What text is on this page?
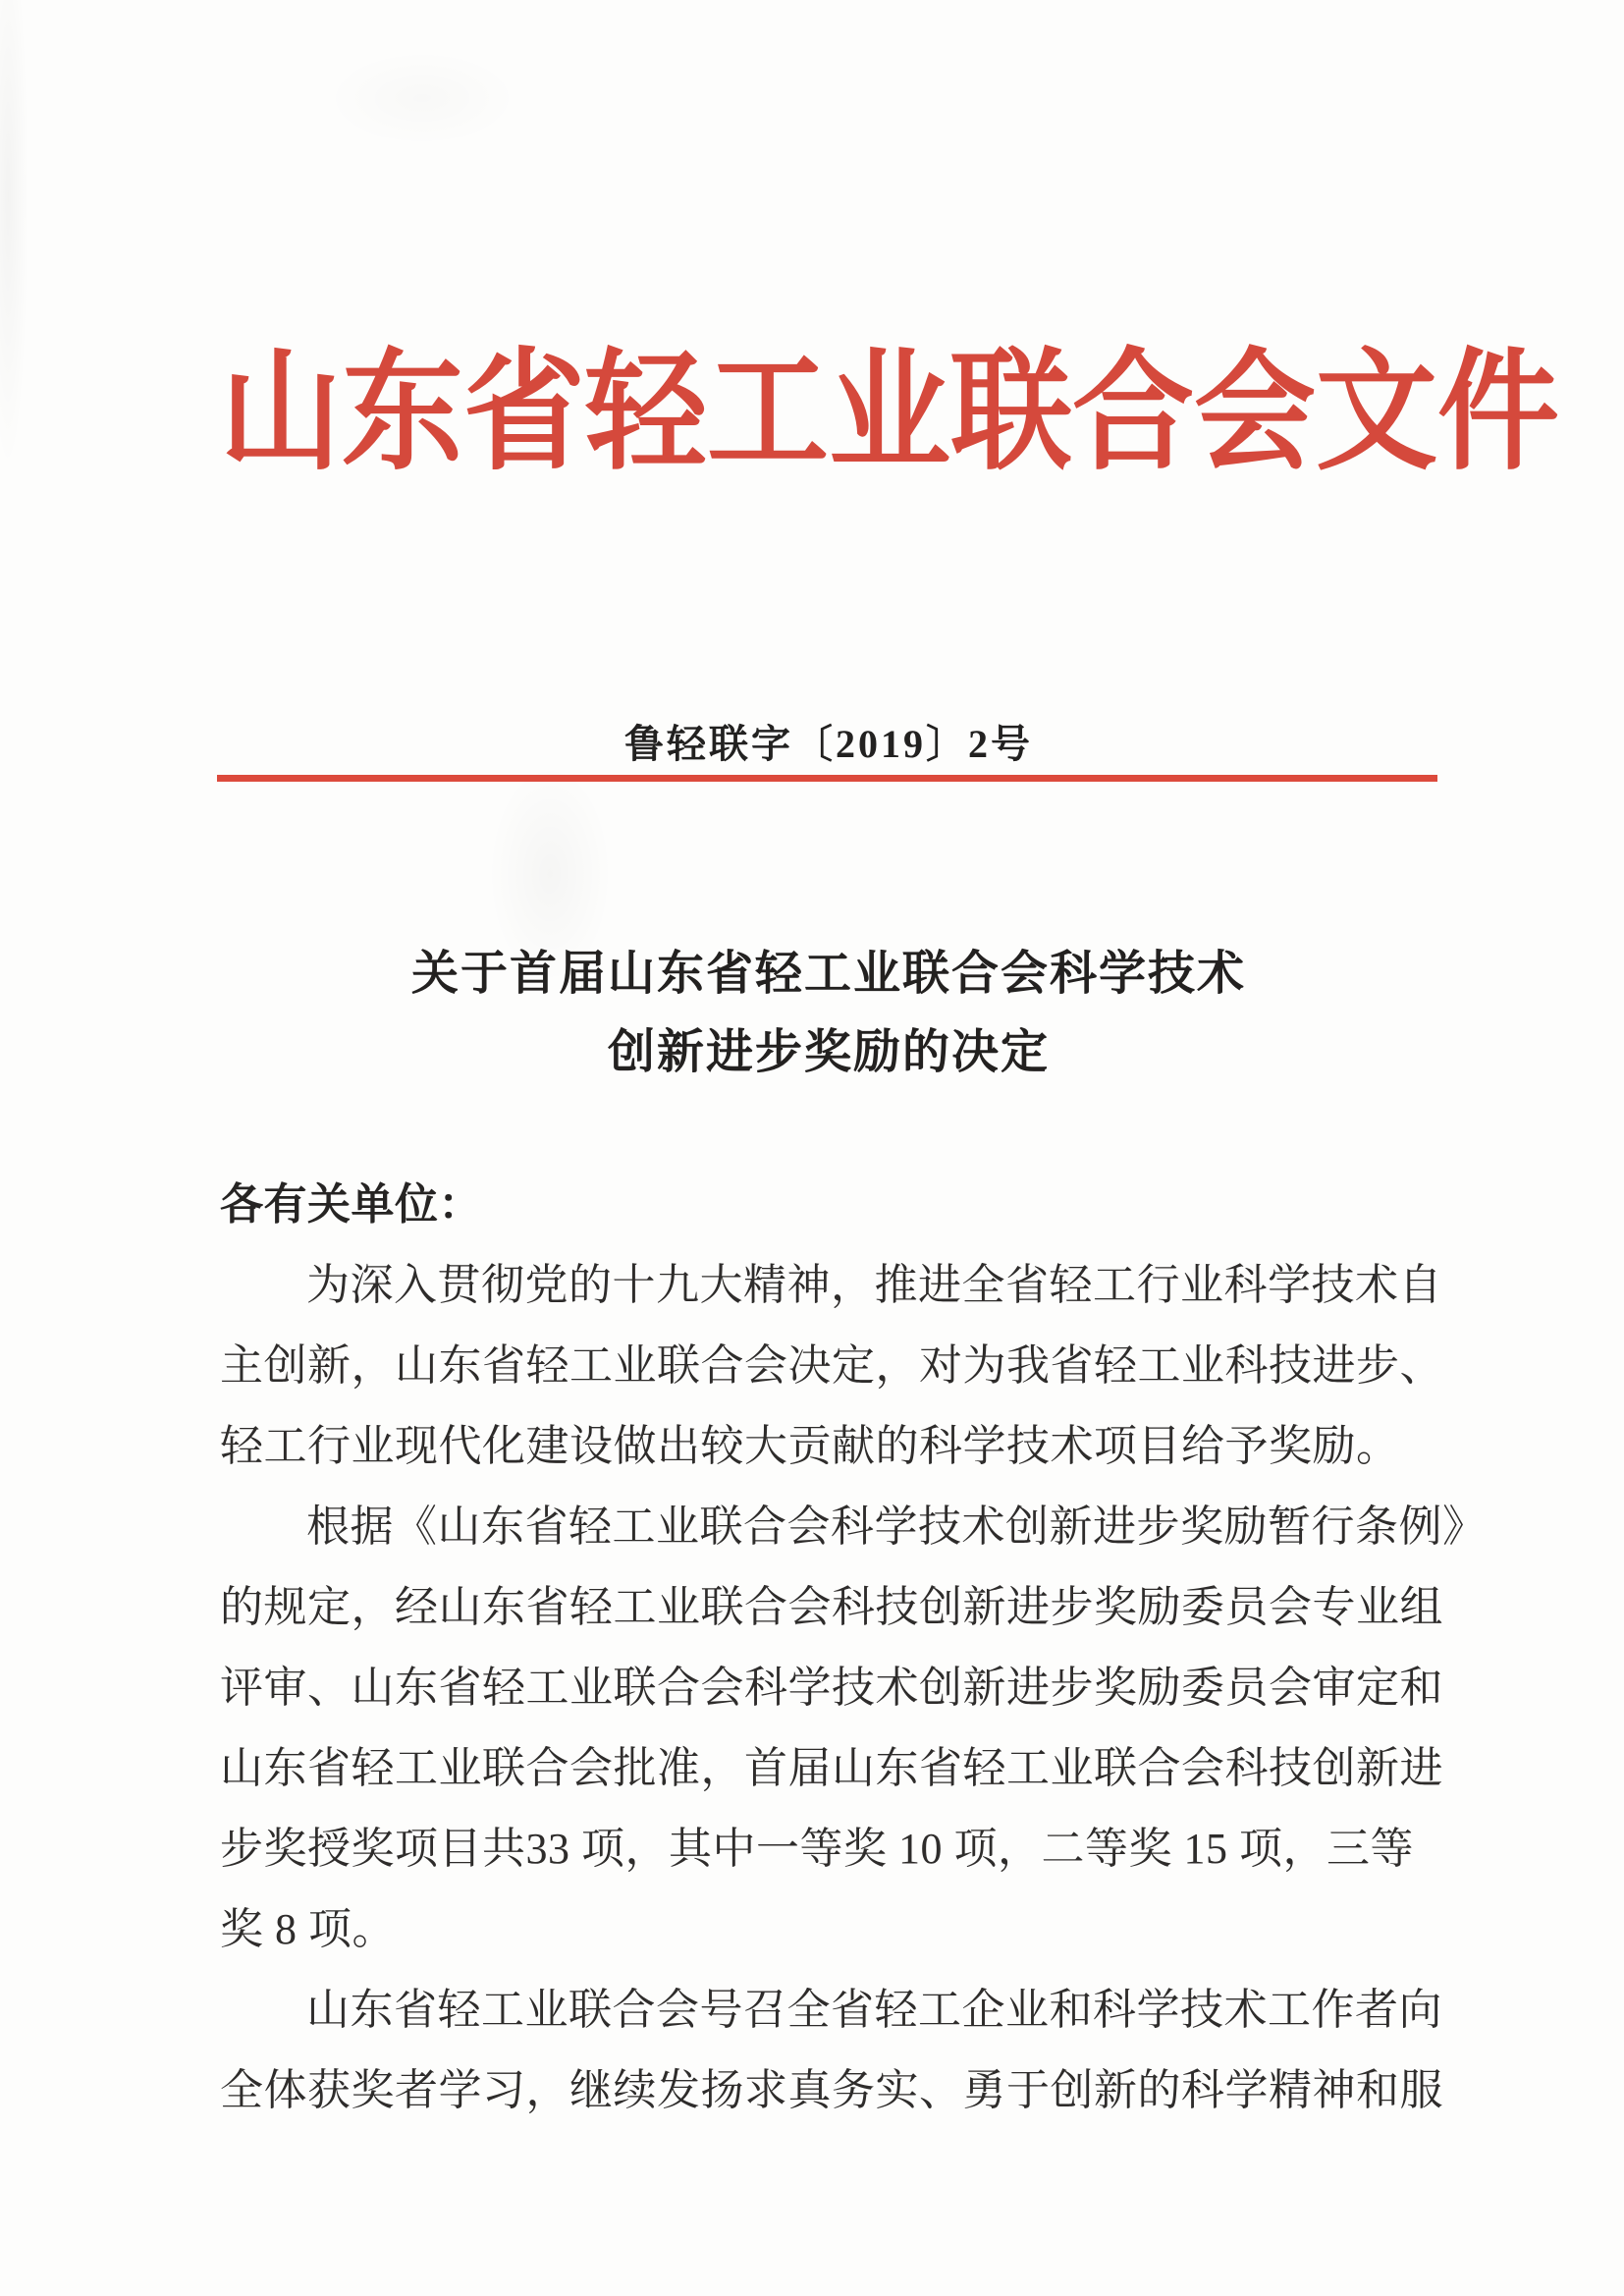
山东省轻工业联合会文件
鲁轻联字〔2019〕2号
关于首届山东省轻工业联合会科学技术
创新进步奖励的决定
各有关单位：
为深入贯彻党的十九大精神，推进全省轻工行业科学技术自
主创新，山东省轻工业联合会决定，对为我省轻工业科技进步、
轻工行业现代化建设做出较大贡献的科学技术项目给予奖励。
根据《山东省轻工业联合会科学技术创新进步奖励暂行条例》
的规定，经山东省轻工业联合会科技创新进步奖励委员会专业组
评审、山东省轻工业联合会科学技术创新进步奖励委员会审定和
山东省轻工业联合会批准，首届山东省轻工业联合会科技创新进
步奖授奖项目共33 项，其中一等奖 10 项，二等奖 15 项，三等
奖 8 项。
山东省轻工业联合会号召全省轻工企业和科学技术工作者向
全体获奖者学习，继续发扬求真务实、勇于创新的科学精神和服
